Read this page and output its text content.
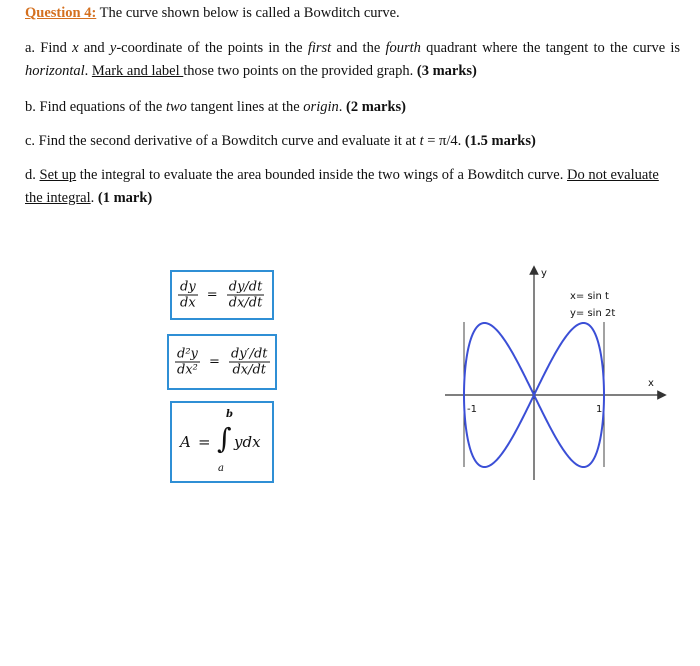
Question 4: The curve shown below is called a Bowditch curve.
a. Find x and y-coordinate of the points in the first and the fourth quadrant where the tangent to the curve is horizontal. Mark and label those two points on the provided graph. (3 marks)
b. Find equations of the two tangent lines at the origin. (2 marks)
c. Find the second derivative of a Bowditch curve and evaluate it at t = π/4. (1.5 marks)
d. Set up the integral to evaluate the area bounded inside the two wings of a Bowditch curve. Do not evaluate the integral. (1 mark)
$\frac{dy}{dx} = \frac{dy/dt}{dx/dt}$
$\frac{\text{d²y}}{\text{dx²}} = \frac{dy'/dt}{dx/dt}$
A =
b
∫
a
ydx
y
x
-1	1
x= sin t
y= sin 2t
